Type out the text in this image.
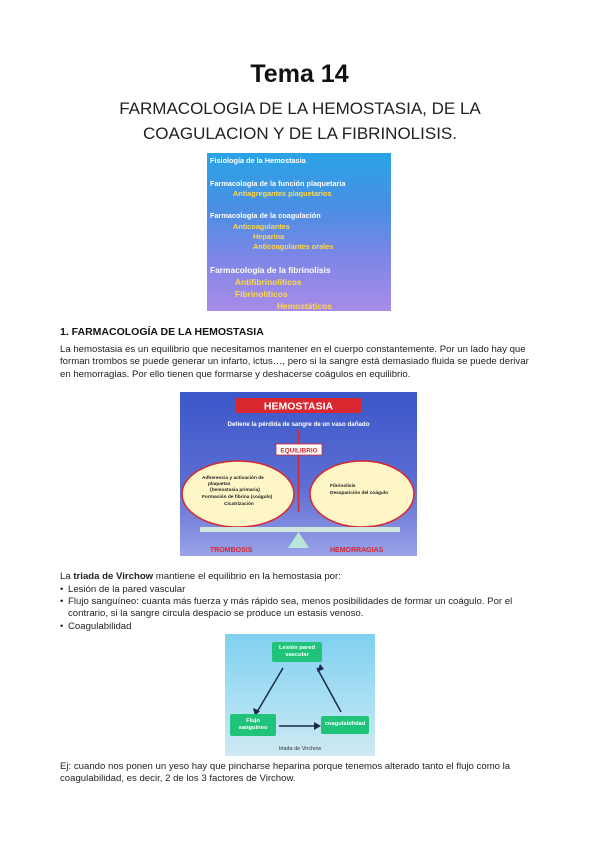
Tema 14
FARMACOLOGIA DE LA HEMOSTASIA, DE LA COAGULACION Y DE LA FIBRINOLISIS.
Fisiología de la Hemostasia
Farmacología de la función plaquetaria
Antiagregantes plaquetarios
Farmacología de la coagulación
Anticoagulantes
Heparina
Anticoagulantes orales
Farmacología de la fibrinolisis
Antifibrinolíticos
Fibrinolíticos
Hemostáticos
1. FARMACOLOGÍA DE LA HEMOSTASIA
La hemostasia es un equilibrio que necesitamos mantener en el cuerpo constantemente. Por un lado hay que forman trombos se puede generar un infarto, ictus…, pero si la sangre está demasiado fluida se puede derivar en hemorragias. Por ello tienen que formarse y deshacerse coágulos en equilibrio.
HEMOSTASIA
Detiene la pérdida de sangre de un vaso dañado
EQUILIBRIO
Adherencia y activación de
plaquetas
(hemostasia primaria)
Formación de fibrina (coágulo)
Cicatrización
Fibrinolisis
Desaparición del coágulo
TROMBOSIS	HEMORRAGIAS
La triada de Virchow mantiene el equilibrio en la hemostasia por:
• Lesión de la pared vascular
• Flujo sanguíneo: cuanta más fuerza y más rápido sea, menos posibilidades de formar un coágulo. Por el contrario, si la sangre circula despacio se produce un estasis venoso.
• Coagulabilidad
Lesión pared
vascular
Flujo
sanguíneo
coagulabilidad
triada de Virchow
Ej: cuando nos ponen un yeso hay que pincharse heparina porque tenemos alterado tanto el flujo como la coagulabilidad, es decir, 2 de los 3 factores de Virchow.
